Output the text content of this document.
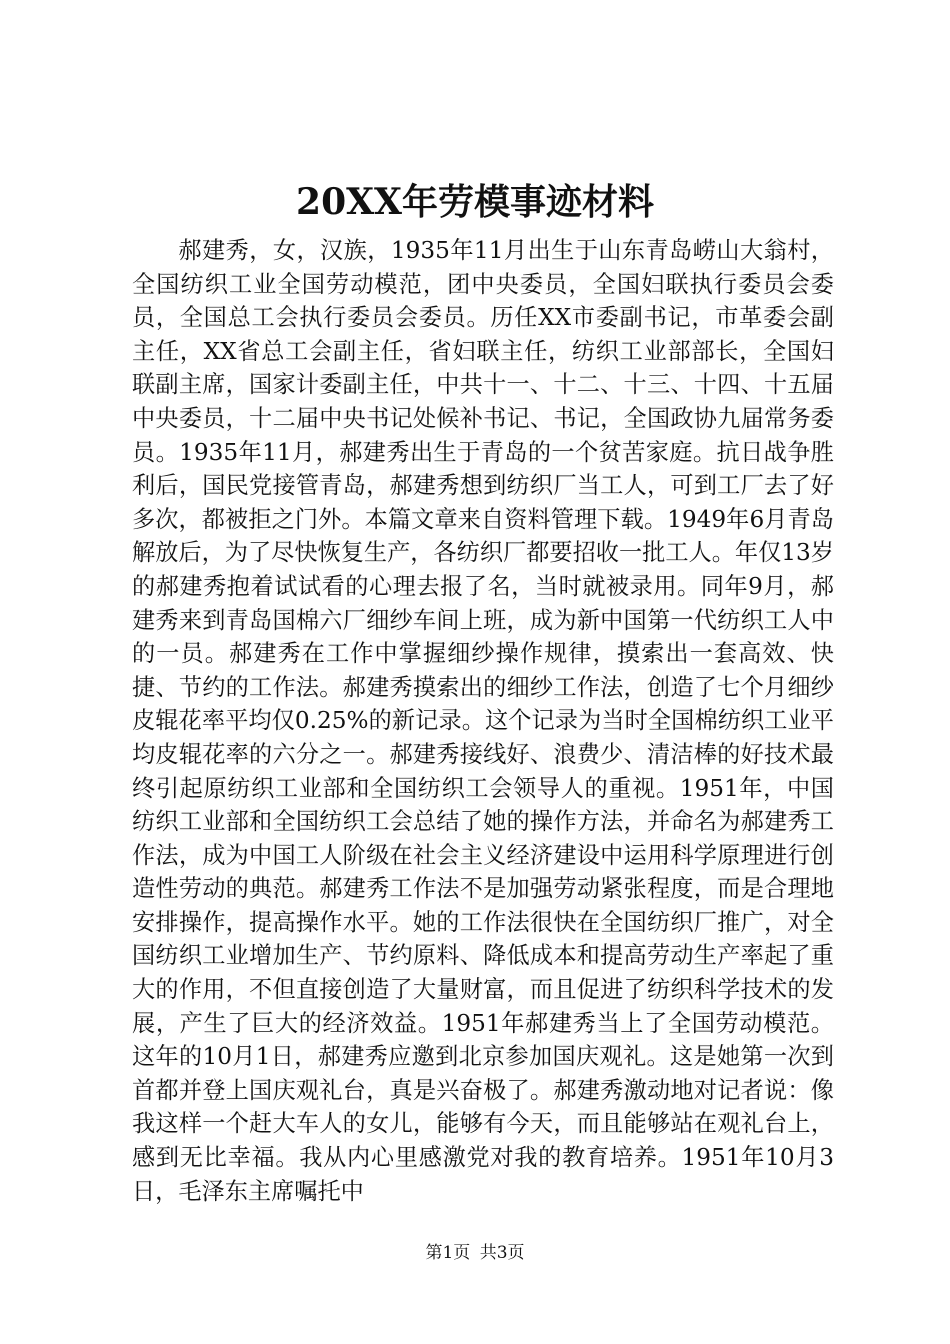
20XX年劳模事迹材料

郝建秀，女，汉族，1935年11月出生于山东青岛崂山大翁村，全国纺织工业全国劳动模范，团中央委员，全国妇联执行委员会委员，全国总工会执行委员会委员。历任XX市委副书记，市革委会副主任，XX省总工会副主任，省妇联主任，纺织工业部部长，全国妇联副主席，国家计委副主任，中共十一、十二、十三、十四、十五届中央委员，十二届中央书记处候补书记、书记，全国政协九届常务委员。1935年11月，郝建秀出生于青岛的一个贫苦家庭。抗日战争胜利后，国民党接管青岛，郝建秀想到纺织厂当工人，可到工厂去了好多次，都被拒之门外。本篇文章来自资料管理下载。1949年6月青岛解放后，为了尽快恢复生产，各纺织厂都要招收一批工人。年仅13岁的郝建秀抱着试试看的心理去报了名，当时就被录用。同年9月，郝建秀来到青岛国棉六厂细纱车间上班，成为新中国第一代纺织工人中的一员。郝建秀在工作中掌握细纱操作规律，摸索出一套高效、快捷、节约的工作法。郝建秀摸索出的细纱工作法，创造了七个月细纱皮辊花率平均仅0.25%的新记录。这个记录为当时全国棉纺织工业平均皮辊花率的六分之一。郝建秀接线好、浪费少、清洁棒的好技术最终引起原纺织工业部和全国纺织工会领导人的重视。1951年，中国纺织工业部和全国纺织工会总结了她的操作方法，并命名为郝建秀工作法，成为中国工人阶级在社会主义经济建设中运用科学原理进行创造性劳动的典范。郝建秀工作法不是加强劳动紧张程度，而是合理地安排操作，提高操作水平。她的工作法很快在全国纺织厂推广，对全国纺织工业增加生产、节约原料、降低成本和提高劳动生产率起了重大的作用，不但直接创造了大量财富，而且促进了纺织科学技术的发展，产生了巨大的经济效益。1951年郝建秀当上了全国劳动模范。这年的10月1日，郝建秀应邀到北京参加国庆观礼。这是她第一次到首都并登上国庆观礼台，真是兴奋极了。郝建秀激动地对记者说：像我这样一个赶大车人的女儿，能够有今天，而且能够站在观礼台上，感到无比幸福。我从内心里感激党对我的教育培养。1951年10月3日，毛泽东主席嘱托中

第1页 共3页
